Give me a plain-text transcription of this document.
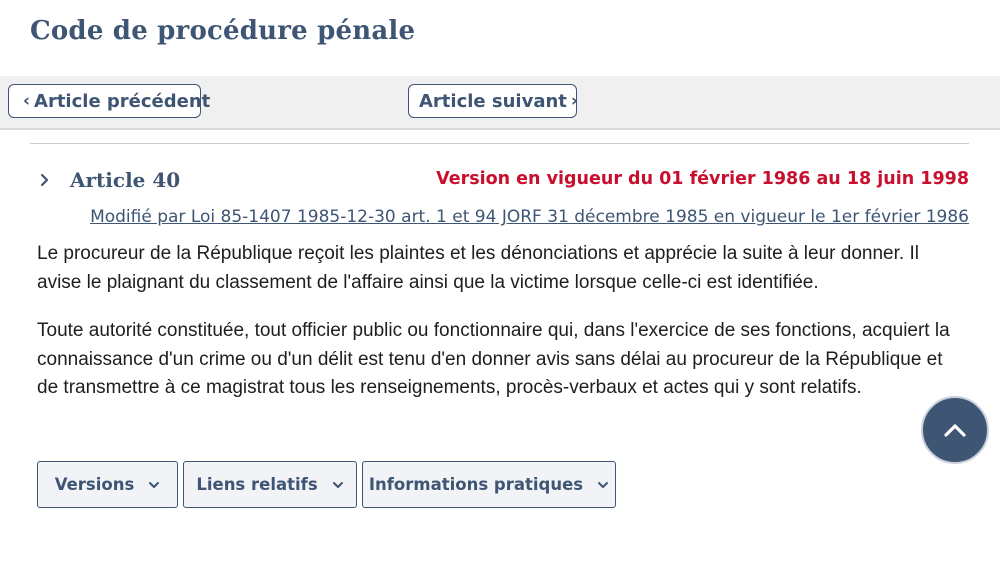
Code de procédure pénale
‹ Article précédent	Article suivant ›
Article 40	Version en vigueur du 01 février 1986 au 18 juin 1998
Modifié par Loi 85-1407 1985-12-30 art. 1 et 94 JORF 31 décembre 1985 en vigueur le 1er février 1986

Le procureur de la République reçoit les plaintes et les dénonciations et apprécie la suite à leur donner. Il avise le plaignant du classement de l'affaire ainsi que la victime lorsque celle-ci est identifiée.

Toute autorité constituée, tout officier public ou fonctionnaire qui, dans l'exercice de ses fonctions, acquiert la connaissance d'un crime ou d'un délit est tenu d'en donner avis sans délai au procureur de la République et de transmettre à ce magistrat tous les renseignements, procès-verbaux et actes qui y sont relatifs.

Versions	Liens relatifs	Informations pratiques
